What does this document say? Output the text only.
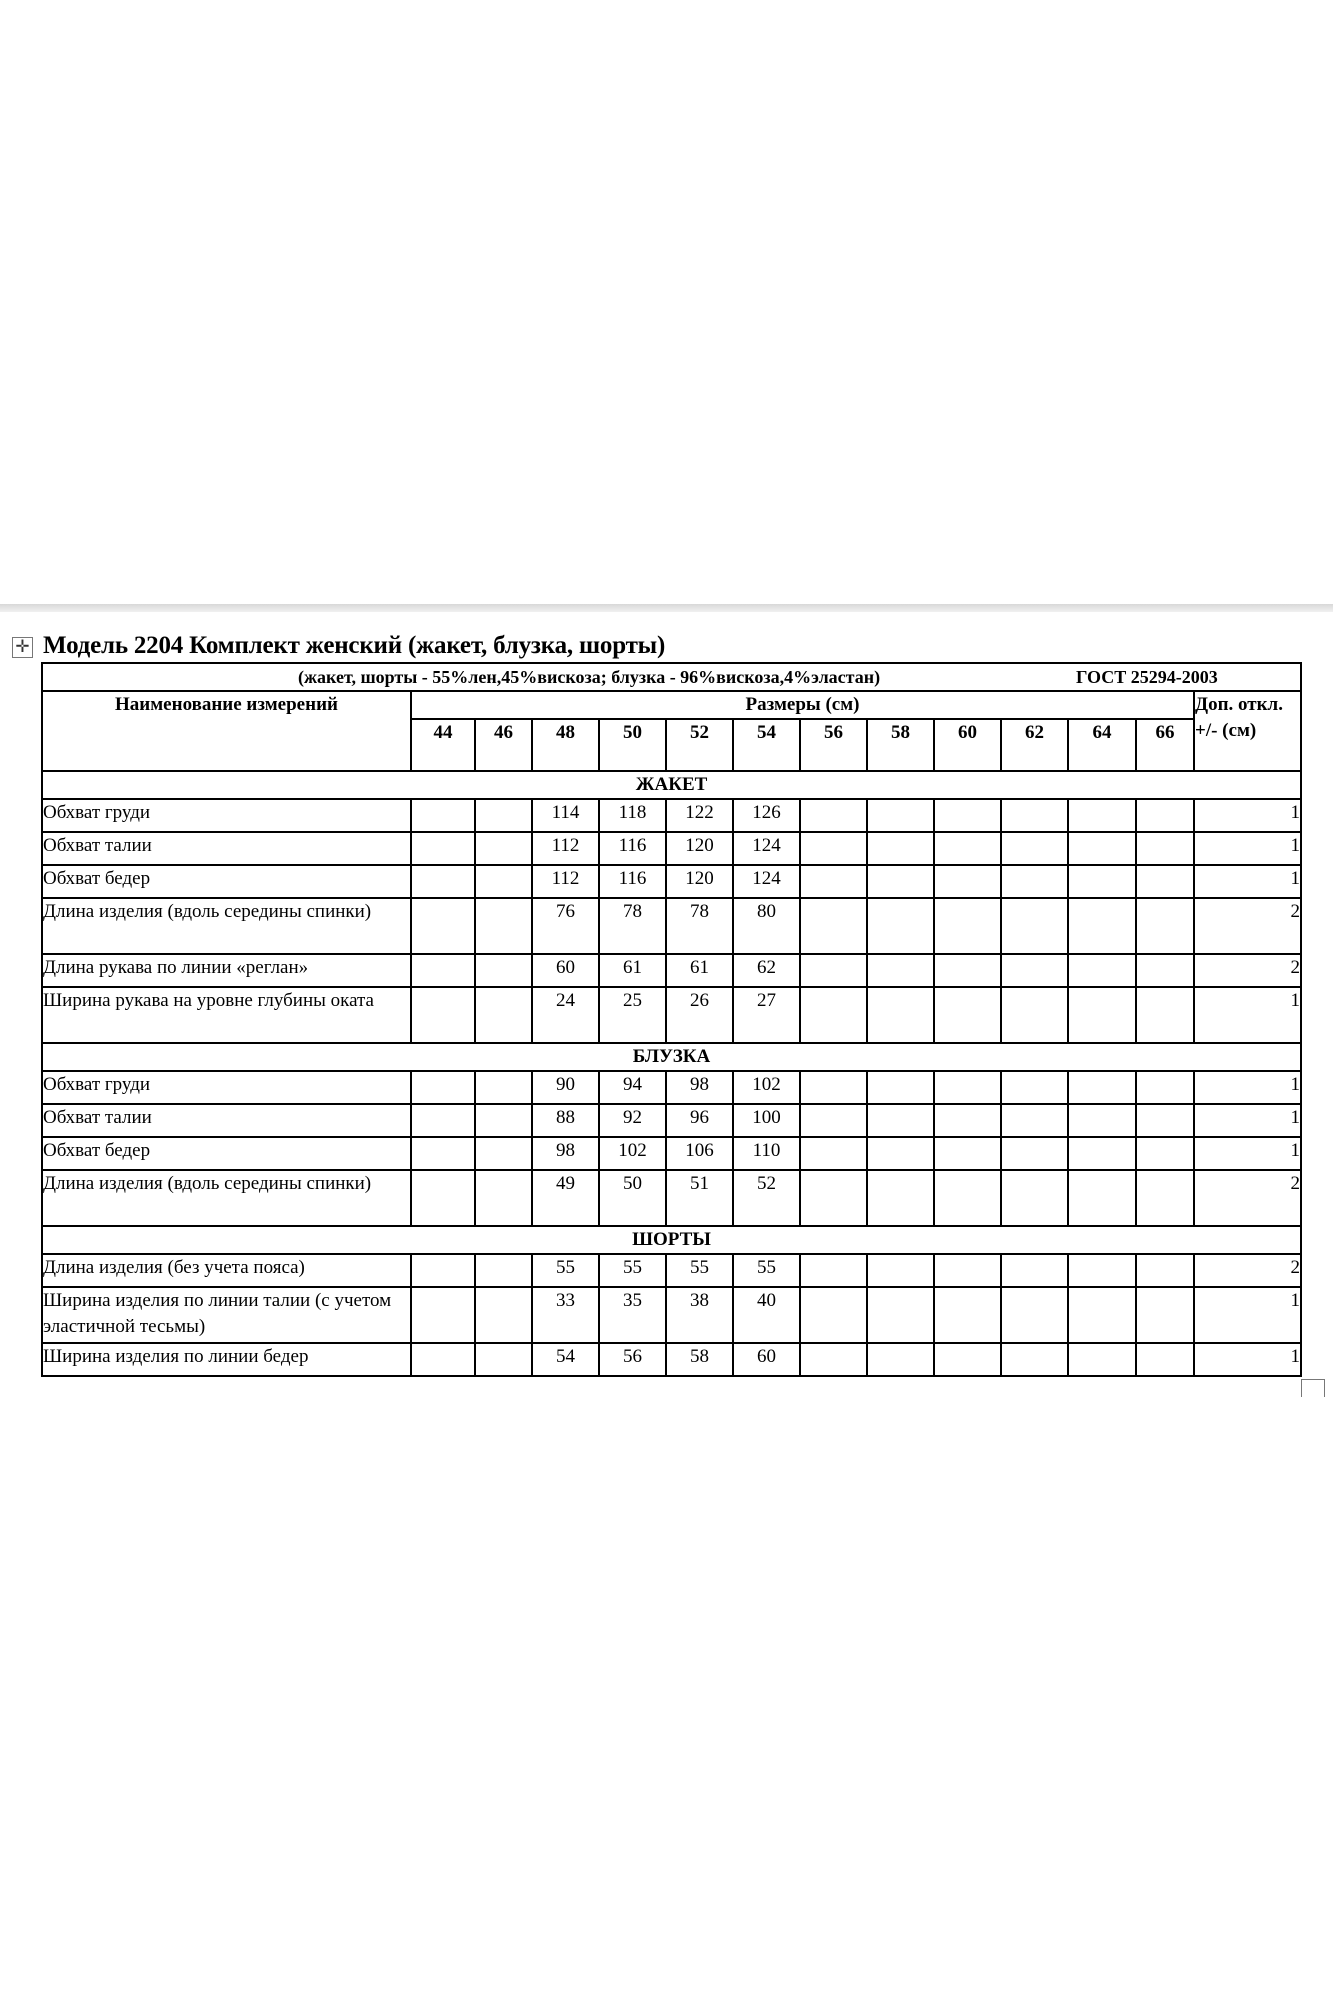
✛ Модель 2204 Комплект женский (жакет, блузка, шорты)
(жакет, шорты - 55%лен,45%вискоза; блузка - 96%вискоза,4%эластан) ГОСТ 25294-2003													

Наименование измерений	Размеры (см)												Доп. откл. +/- (см)
	44	46	48	50	52	54	56	58	60	62	64	66	
ЖАКЕТ													
Обхват груди			114	118	122	126							1
Обхват талии			112	116	120	124							1
Обхват бедер			112	116	120	124							1
Длина изделия (вдоль середины спинки)			76	78	78	80							2
Длина рукава по линии «реглан»			60	61	61	62							2
Ширина рукава на уровне глубины оката			24	25	26	27							1
БЛУЗКА													
Обхват груди			90	94	98	102							1
Обхват талии			88	92	96	100							1
Обхват бедер			98	102	106	110							1
Длина изделия (вдоль середины спинки)			49	50	51	52							2
ШОРТЫ													
Длина изделия (без учета пояса)			55	55	55	55							2
Ширина изделия по линии талии (с учетом эластичной тесьмы)			33	35	38	40							1
Ширина изделия по линии бедер			54	56	58	60							1
